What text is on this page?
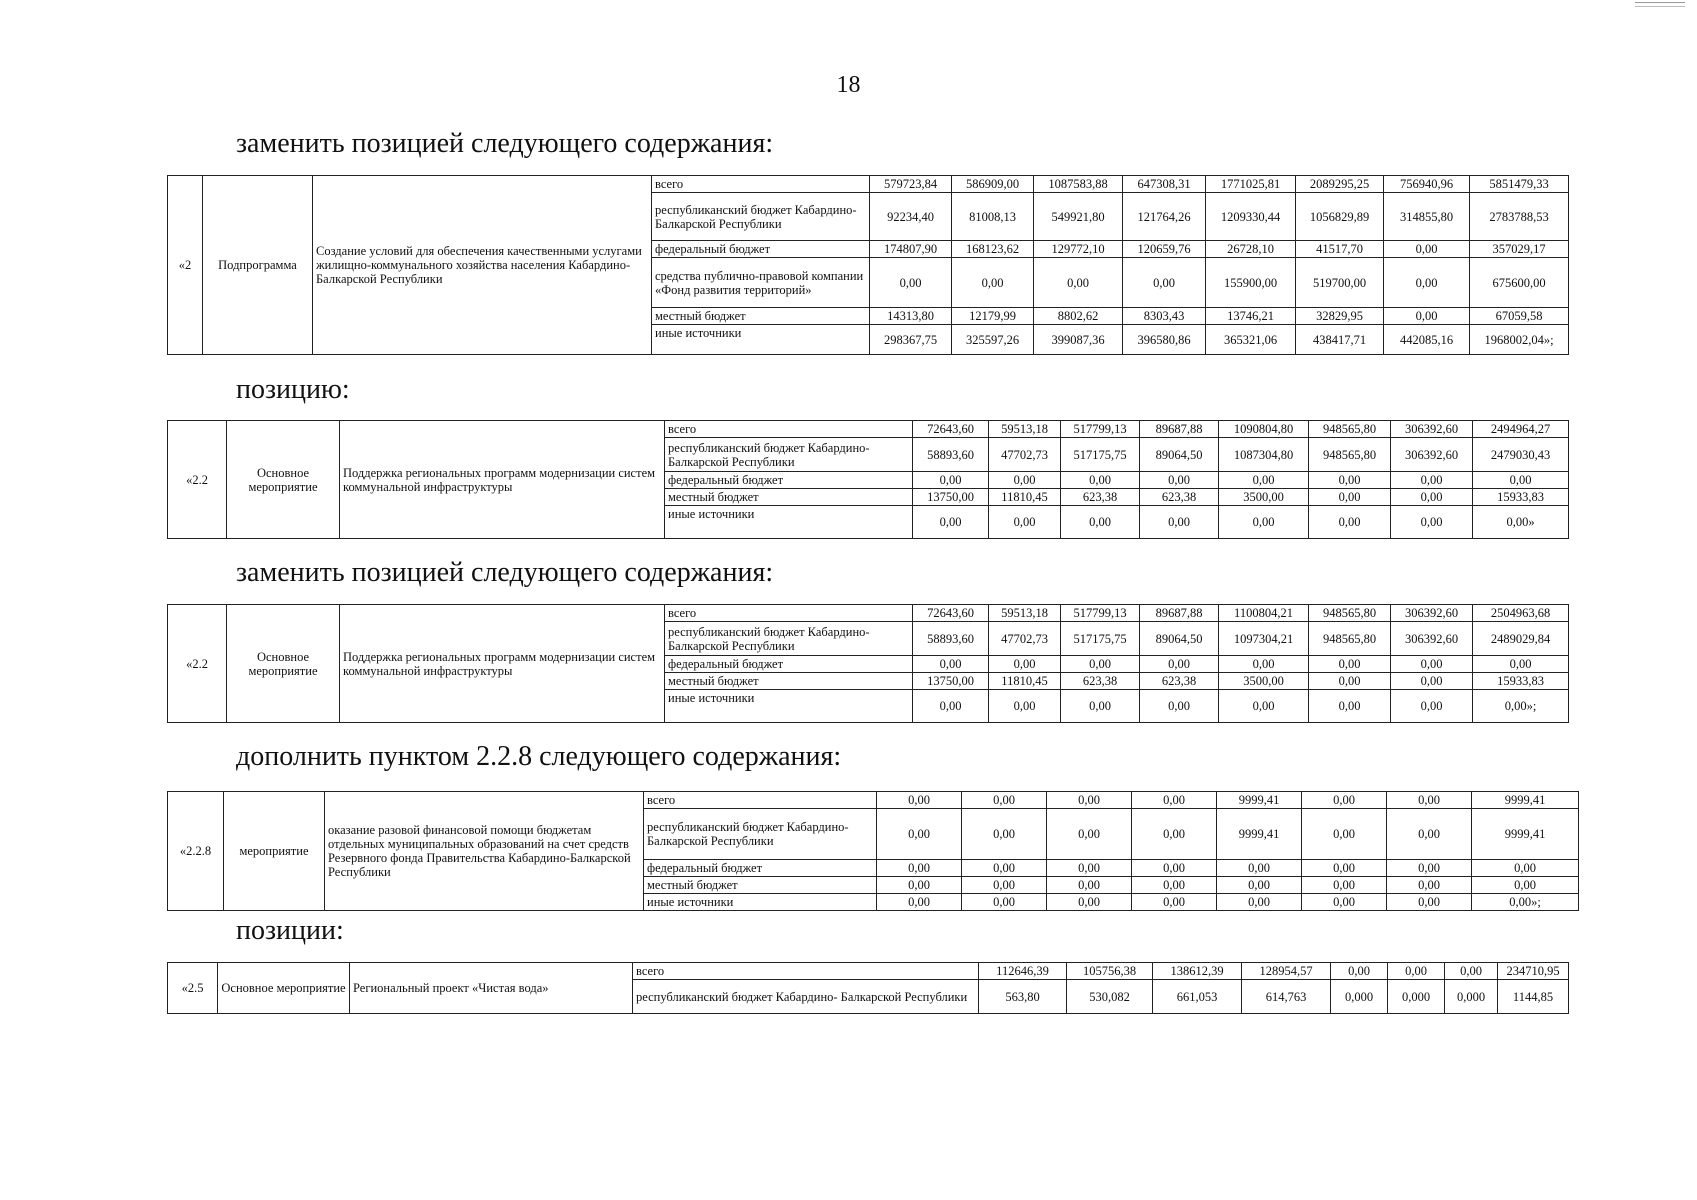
18
заменить позицией следующего содержания:
«2	Подпрограмма	Создание условий для обеспечения качественными услугами жилищно-коммунального хозяйства населения Кабардино-Балкарской Республики	всего	579723,84	586909,00	1087583,88	647308,31	1771025,81	2089295,25	756940,96	5851479,33
			республиканский бюджет Кабардино- Балкарской Республики	92234,40	81008,13	549921,80	121764,26	1209330,44	1056829,89	314855,80	2783788,53
			федеральный бюджет	174807,90	168123,62	129772,10	120659,76	26728,10	41517,70	0,00	357029,17
			средства публично-правовой компании «Фонд развития территорий»	0,00	0,00	0,00	0,00	155900,00	519700,00	0,00	675600,00
			местный бюджет	14313,80	12179,99	8802,62	8303,43	13746,21	32829,95	0,00	67059,58
			иные источники	298367,75	325597,26	399087,36	396580,86	365321,06	438417,71	442085,16	1968002,04»;
позицию:
«2.2	Основное мероприятие	Поддержка региональных программ модернизации систем коммунальной инфраструктуры	всего	72643,60	59513,18	517799,13	89687,88	1090804,80	948565,80	306392,60	2494964,27
			республиканский бюджет Кабардино- Балкарской Республики	58893,60	47702,73	517175,75	89064,50	1087304,80	948565,80	306392,60	2479030,43
			федеральный бюджет	0,00	0,00	0,00	0,00	0,00	0,00	0,00	0,00
			местный бюджет	13750,00	11810,45	623,38	623,38	3500,00	0,00	0,00	15933,83
			иные источники	0,00	0,00	0,00	0,00	0,00	0,00	0,00	0,00»
заменить позицией следующего содержания:
«2.2	Основное мероприятие	Поддержка региональных программ модернизации систем коммунальной инфраструктуры	всего	72643,60	59513,18	517799,13	89687,88	1100804,21	948565,80	306392,60	2504963,68
			республиканский бюджет Кабардино- Балкарской Республики	58893,60	47702,73	517175,75	89064,50	1097304,21	948565,80	306392,60	2489029,84
			федеральный бюджет	0,00	0,00	0,00	0,00	0,00	0,00	0,00	0,00
			местный бюджет	13750,00	11810,45	623,38	623,38	3500,00	0,00	0,00	15933,83
			иные источники	0,00	0,00	0,00	0,00	0,00	0,00	0,00	0,00»;
дополнить пунктом 2.2.8 следующего содержания:
«2.2.8	мероприятие	оказание разовой финансовой помощи бюджетам отдельных муниципальных образований на счет средств Резервного фонда Правительства Кабардино-Балкарской Республики	всего	0,00	0,00	0,00	0,00	9999,41	0,00	0,00	9999,41
			республиканский бюджет Кабардино- Балкарской Республики	0,00	0,00	0,00	0,00	9999,41	0,00	0,00	9999,41
			федеральный бюджет	0,00	0,00	0,00	0,00	0,00	0,00	0,00	0,00
			местный бюджет	0,00	0,00	0,00	0,00	0,00	0,00	0,00	0,00
			иные источники	0,00	0,00	0,00	0,00	0,00	0,00	0,00	0,00»;
позиции:
«2.5	Основное мероприятие	Региональный проект «Чистая вода»	всего	112646,39	105756,38	138612,39	128954,57	0,00	0,00	0,00	234710,95
			республиканский бюджет Кабардино- Балкарской Республики	563,80	530,082	661,053	614,763	0,000	0,000	0,000	1144,85
